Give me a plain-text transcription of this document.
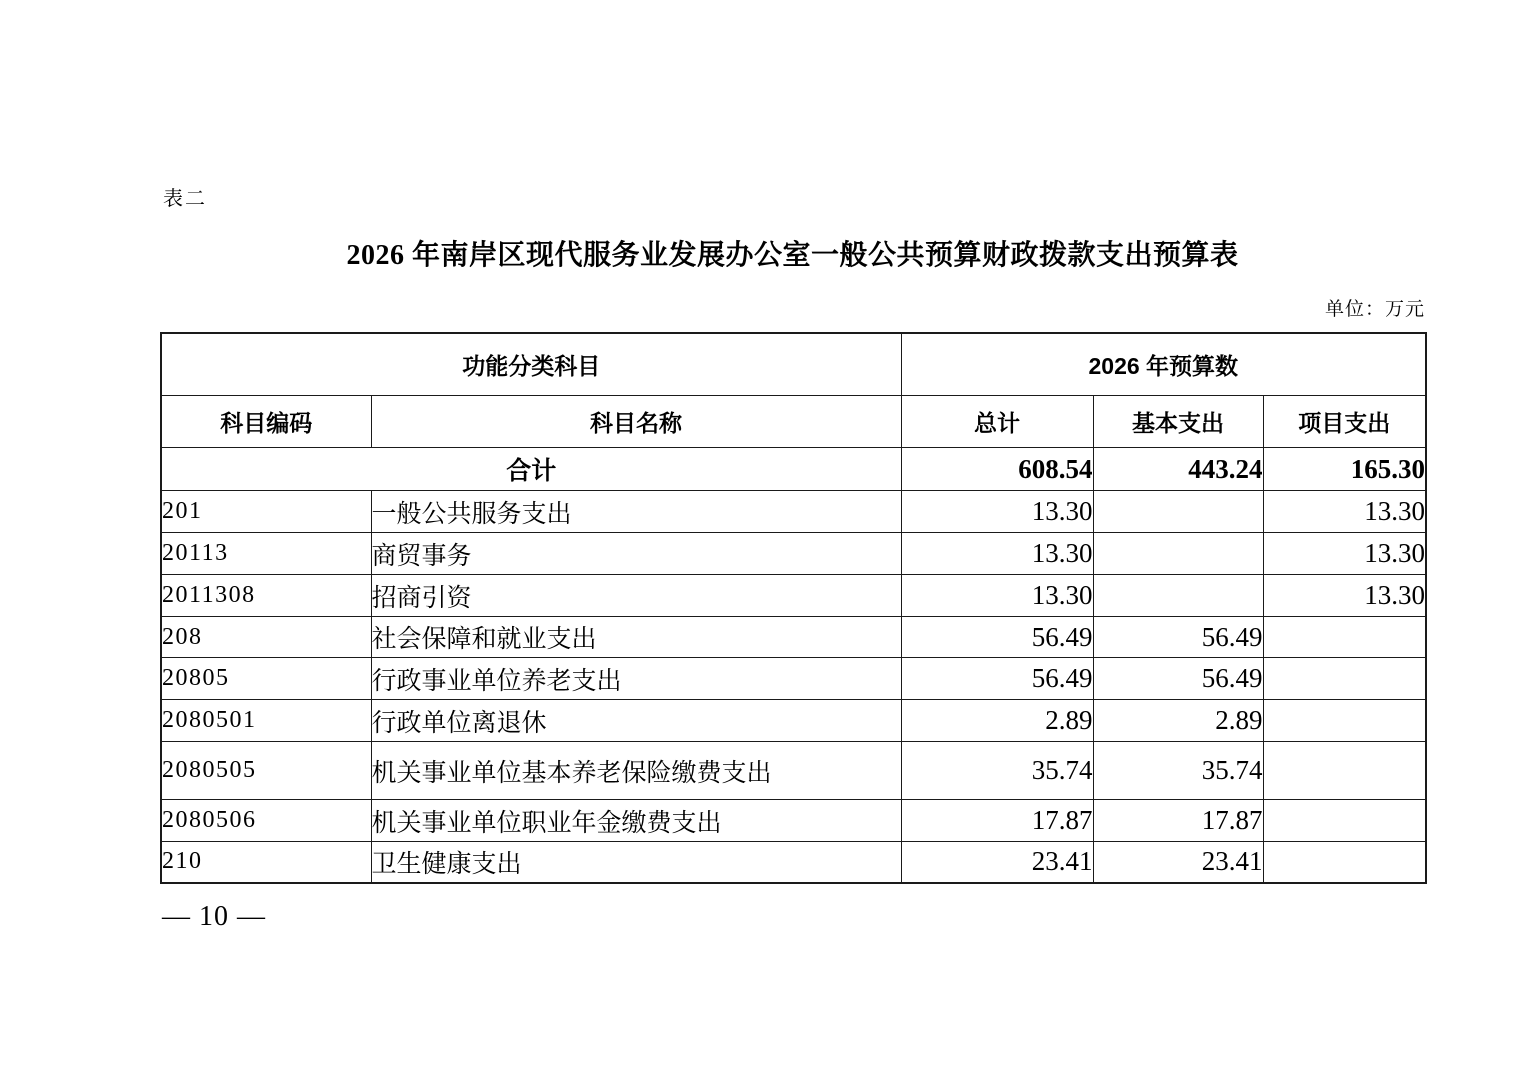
表二
2026 年南岸区现代服务业发展办公室一般公共预算财政拨款支出预算表
单位：万元
功能分类科目		2026 年预算数		
科目编码	科目名称	总计	基本支出	项目支出
合计		608.54	443.24	165.30
201	一般公共服务支出	13.30		13.30
20113	商贸事务	13.30		13.30
2011308	招商引资	13.30		13.30
208	社会保障和就业支出	56.49	56.49	
20805	行政事业单位养老支出	56.49	56.49	
2080501	行政单位离退休	2.89	2.89	
2080505	机关事业单位基本养老保险缴费支出	35.74	35.74	
2080506	机关事业单位职业年金缴费支出	17.87	17.87	
210	卫生健康支出	23.41	23.41	
— 10 —
